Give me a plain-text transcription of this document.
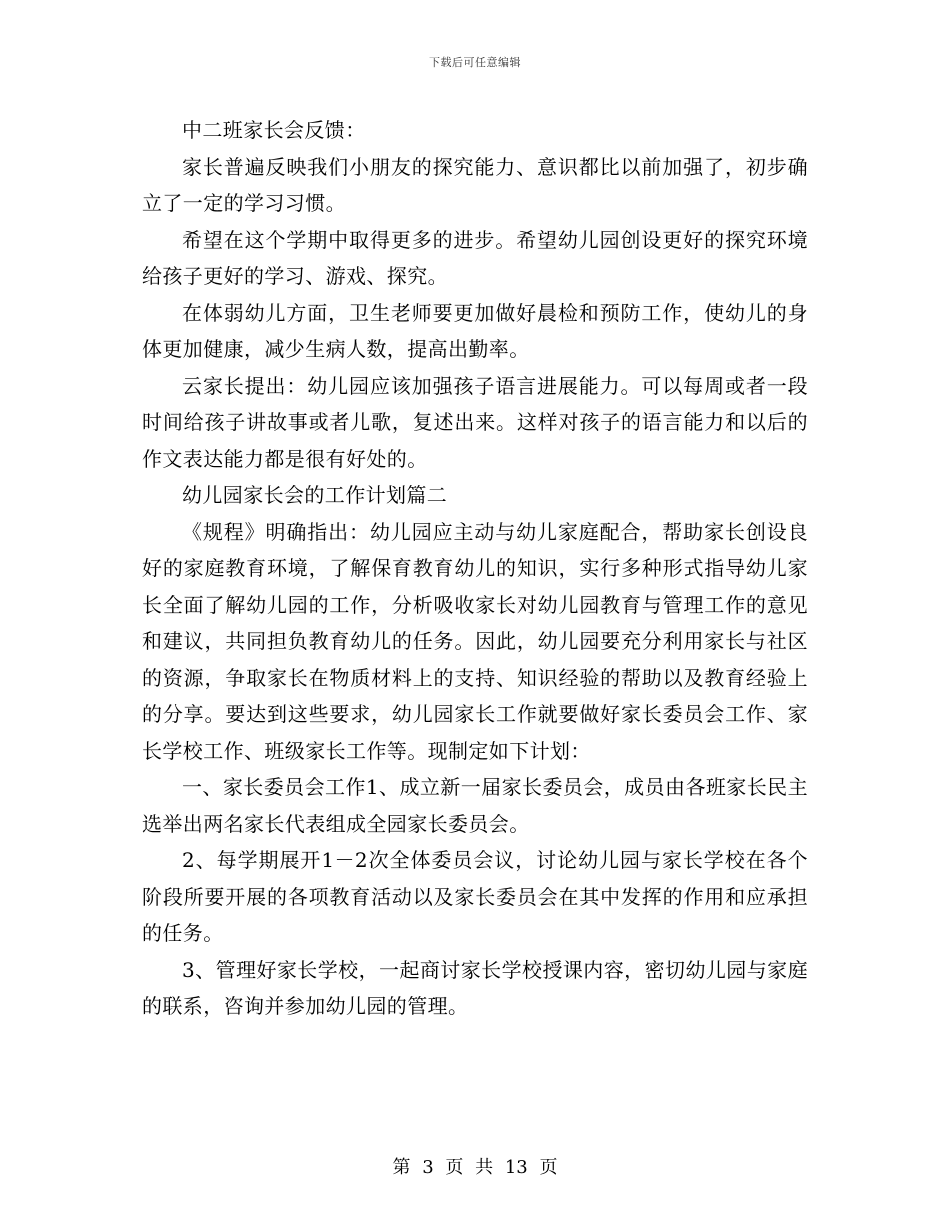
下载后可任意编辑

中二班家长会反馈：

家长普遍反映我们小朋友的探究能力、意识都比以前加强了，初步确立了一定的学习习惯。

希望在这个学期中取得更多的进步。希望幼儿园创设更好的探究环境给孩子更好的学习、游戏、探究。

在体弱幼儿方面，卫生老师要更加做好晨检和预防工作，使幼儿的身体更加健康，减少生病人数，提高出勤率。

云家长提出：幼儿园应该加强孩子语言进展能力。可以每周或者一段时间给孩子讲故事或者儿歌，复述出来。这样对孩子的语言能力和以后的作文表达能力都是很有好处的。

幼儿园家长会的工作计划篇二

《规程》明确指出：幼儿园应主动与幼儿家庭配合，帮助家长创设良好的家庭教育环境，了解保育教育幼儿的知识，实行多种形式指导幼儿家长全面了解幼儿园的工作，分析吸收家长对幼儿园教育与管理工作的意见和建议，共同担负教育幼儿的任务。因此，幼儿园要充分利用家长与社区的资源，争取家长在物质材料上的支持、知识经验的帮助以及教育经验上的分享。要达到这些要求，幼儿园家长工作就要做好家长委员会工作、家长学校工作、班级家长工作等。现制定如下计划：

一、家长委员会工作1、成立新一届家长委员会，成员由各班家长民主选举出两名家长代表组成全园家长委员会。

2、每学期展开1－2次全体委员会议，讨论幼儿园与家长学校在各个阶段所要开展的各项教育活动以及家长委员会在其中发挥的作用和应承担的任务。

3、管理好家长学校，一起商讨家长学校授课内容，密切幼儿园与家庭的联系，咨询并参加幼儿园的管理。

第 3 页 共 13 页
